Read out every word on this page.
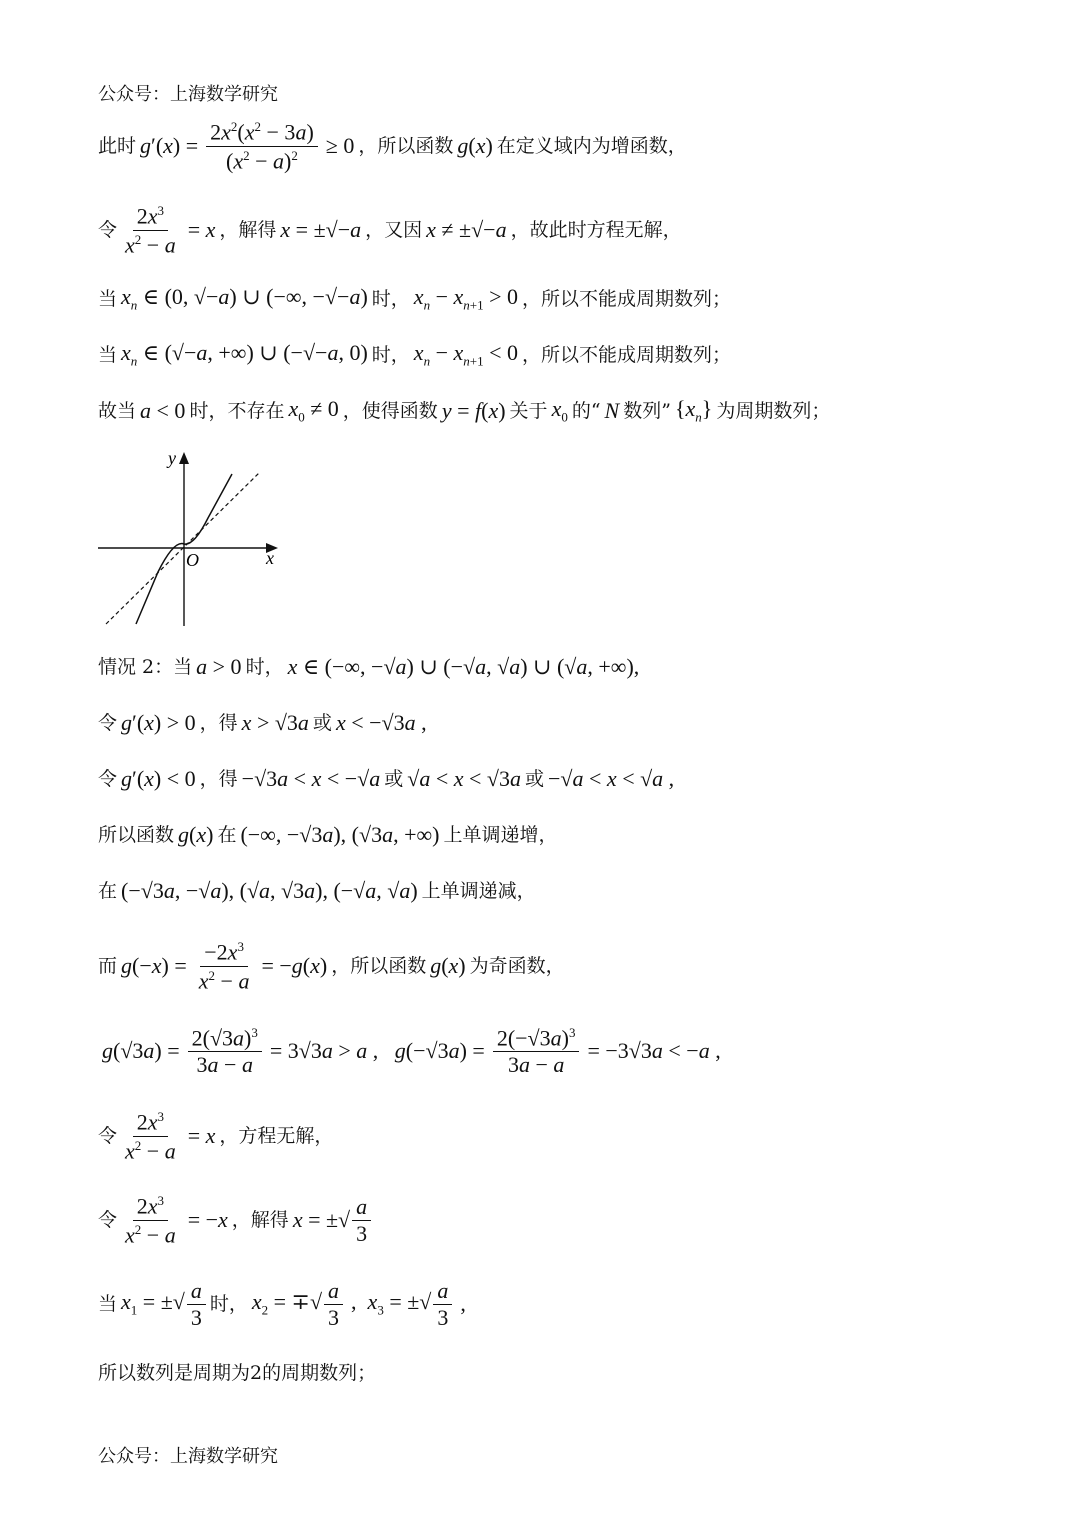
公众号：上海数学研究
此时 $g'(x) = \frac{2x^2(x^2 - 3a)}{(x^2 - a)^2} \ge 0$ ，所以函数 g(x) 在定义域内为增函数，
令 $\frac{2x^3}{x^2 - a} = x$ ，解得 x = ±√−a ，又因 x ≠ ±√−a ，故此时方程无解，
当 $x_n$ ∈ (0, √−a) ∪ (−∞, −√−a) 时， $x_n - x_{n+1} > 0$ ，所以不能成周期数列；
当 $x_n$ ∈ (√−a, +∞) ∪ (−√−a, 0) 时， $x_n - x_{n+1} < 0$ ，所以不能成周期数列；
故当 a < 0 时，不存在 $x_0 \ne 0$ ，使得函数 y = f(x) 关于 $x_0$ 的“ N 数列” $\{x_n\}$ 为周期数列；
y
x
O
情况 2：当 a > 0 时， x ∈ (−∞, −√a) ∪ (−√a, √a) ∪ (√a, +∞),
令 g′(x) > 0 ，得 x > √3a 或 x < −√3a ,
令 g′(x) < 0 ，得 −√3a < x < −√a 或 √a < x < √3a 或 −√a < x < √a ,
所以函数 g(x) 在 (−∞, −√3a), (√3a, +∞) 上单调递增，
在 (−√3a, −√a), (√a, √3a), (−√a, √a) 上单调递减，
而 $g(-x) = \frac{-2x^3}{x^2 - a} = -g(x)$ ，所以函数 g(x) 为奇函数，
$g(√3a) = \frac{2(√3a)^3}{3a - a} = 3√3a > a$ ,   $g(-√3a) = \frac{2(-√3a)^3}{3a - a} = -3√3a < -a$ ,
令 $\frac{2x^3}{x^2 - a} = x$ ，方程无解，
令 $\frac{2x^3}{x^2 - a} = -x$ ，解得 x = ±√ $\frac{a}{3}$
当 $x_1$ = ±√ $\frac{a}{3}$ 时， $x_2$ = ∓√ $\frac{a}{3}$ ,  $x_3$ = ±√ $\frac{a}{3}$ ,
所以数列是周期为2的周期数列；
公众号：上海数学研究
